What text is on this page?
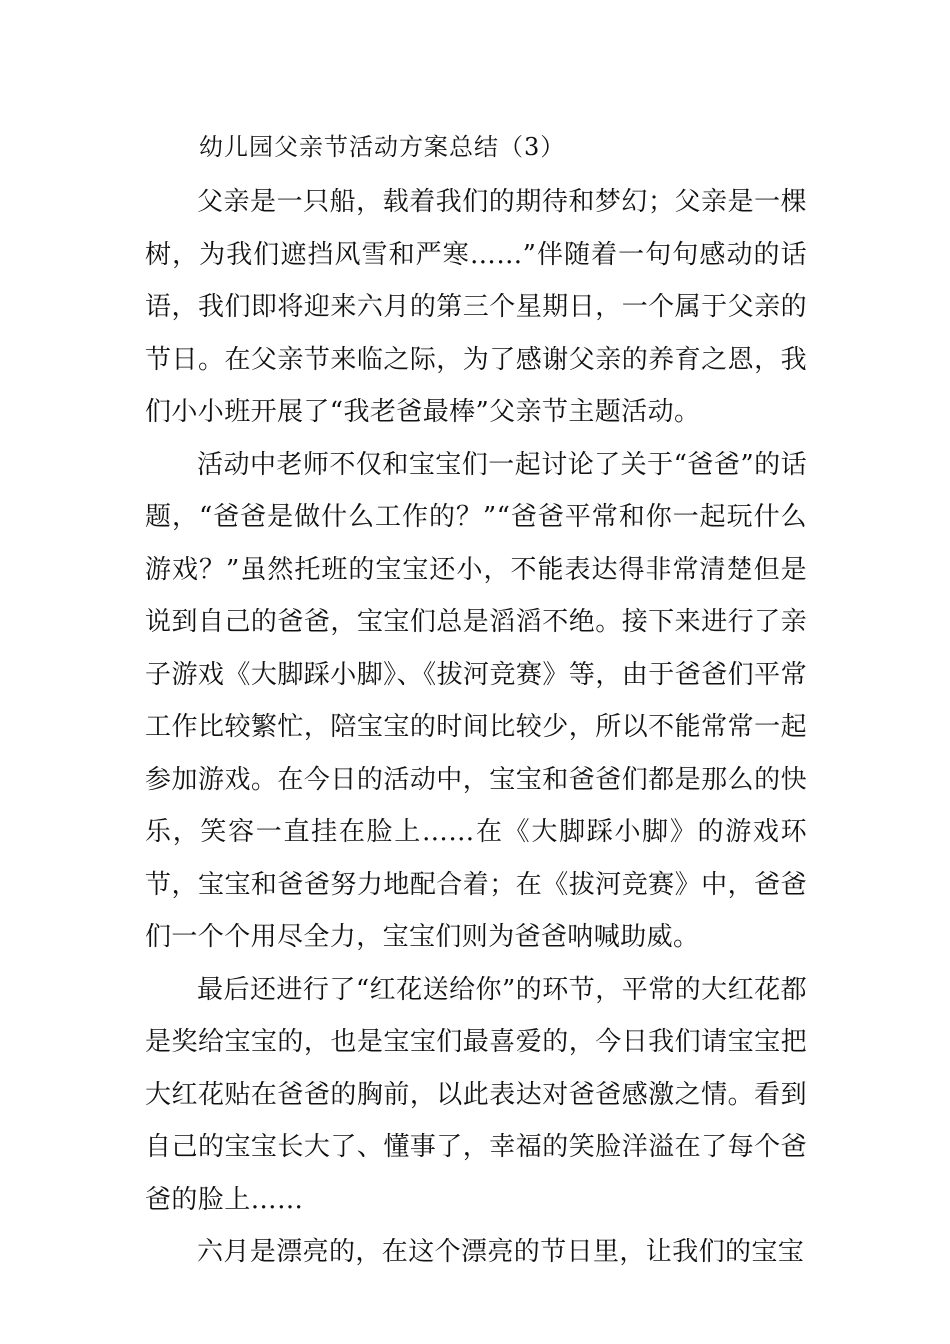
幼儿园父亲节活动方案总结（3）

父亲是一只船，载着我们的期待和梦幻；父亲是一棵树，为我们遮挡风雪和严寒……”伴随着一句句感动的话语，我们即将迎来六月的第三个星期日，一个属于父亲的节日。在父亲节来临之际，为了感谢父亲的养育之恩，我们小小班开展了“我老爸最棒”父亲节主题活动。

活动中老师不仅和宝宝们一起讨论了关于“爸爸”的话题，“爸爸是做什么工作的？”“爸爸平常和你一起玩什么游戏？”虽然托班的宝宝还小，不能表达得非常清楚但是说到自己的爸爸，宝宝们总是滔滔不绝。接下来进行了亲子游戏《大脚踩小脚》、《拔河竞赛》等，由于爸爸们平常工作比较繁忙，陪宝宝的时间比较少，所以不能常常一起参加游戏。在今日的活动中，宝宝和爸爸们都是那么的快乐，笑容一直挂在脸上……在《大脚踩小脚》的游戏环节，宝宝和爸爸努力地配合着；在《拔河竞赛》中，爸爸们一个个用尽全力，宝宝们则为爸爸呐喊助威。

最后还进行了“红花送给你”的环节，平常的大红花都是奖给宝宝的，也是宝宝们最喜爱的，今日我们请宝宝把大红花贴在爸爸的胸前，以此表达对爸爸感激之情。看到自己的宝宝长大了、懂事了，幸福的笑脸洋溢在了每个爸爸的脸上……

六月是漂亮的，在这个漂亮的节日里，让我们的宝宝
